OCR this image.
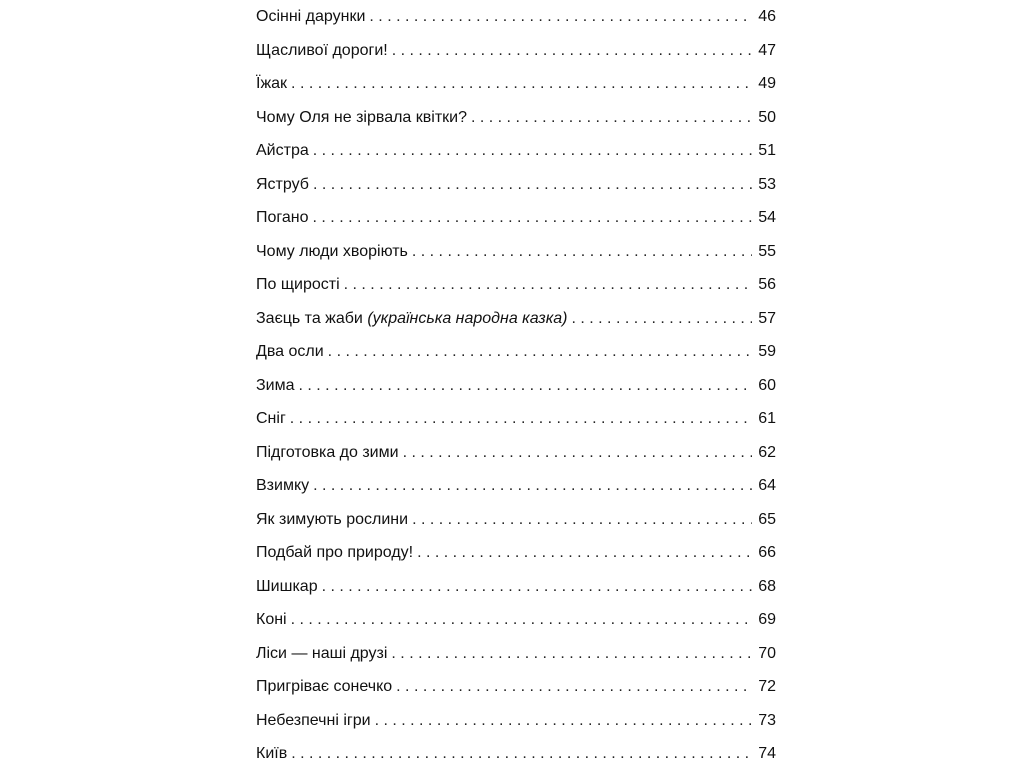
Осінні дарунки . . .	46
Щасливої дороги! . . .	47
Їжак . . .	49
Чому Оля не зірвала квітки? . . .	50
Айстра . . .	51
Яструб . . .	53
Погано . . .	54
Чому люди хворіють . . .	55
По щирості . . .	56
Заєць та жаби (українська народна казка) . . .	57
Два осли . . .	59
Зима . . .	60
Сніг . . .	61
Підготовка до зими . . .	62
Взимку . . .	64
Як зимують рослини . . .	65
Подбай про природу! . . .	66
Шишкар . . .	68
Коні . . .	69
Ліси — наші друзі . . .	70
Пригріває сонечко . . .	72
Небезпечні ігри . . .	73
Київ . . .	74
